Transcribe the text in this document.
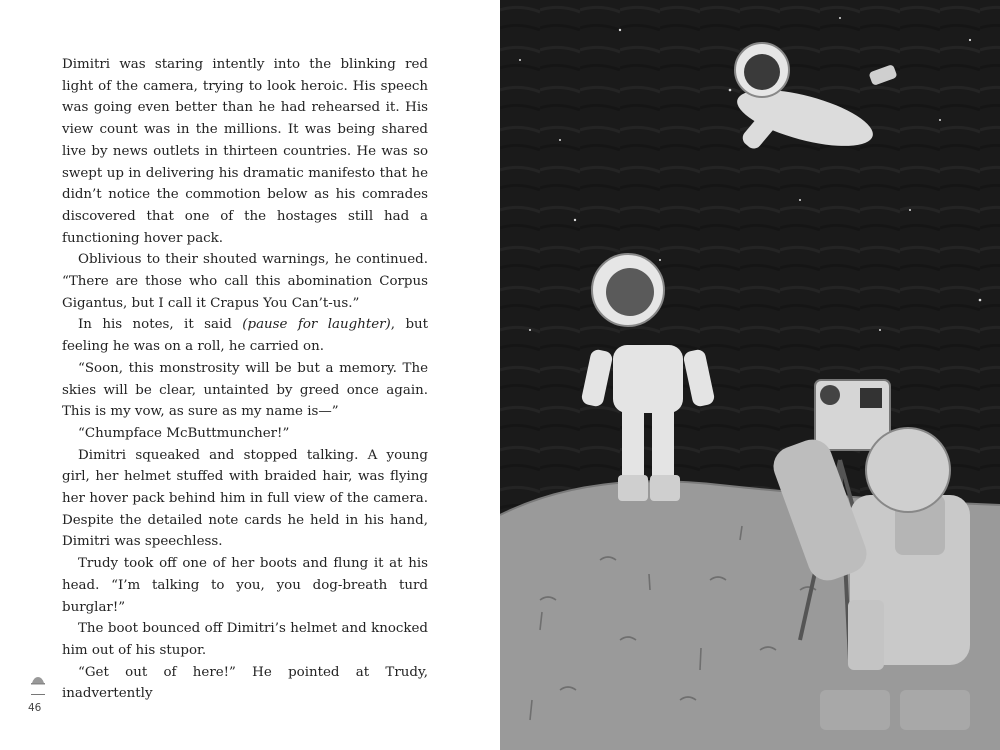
Dimitri was staring intently into the blinking red light of the camera, trying to look heroic. His speech was going even better than he had rehearsed it. His view count was in the millions. It was being shared live by news outlets in thirteen countries. He was so swept up in delivering his dramatic manifesto that he didn’t notice the commotion below as his comrades discovered that one of the hostages still had a functioning hover pack.

Oblivious to their shouted warnings, he continued. “There are those who call this abomination Corpus Gigantus, but I call it Crapus You Can’t-us.”

In his notes, it said (pause for laughter), but feeling he was on a roll, he carried on.

“Soon, this monstrosity will be but a memory. The skies will be clear, untainted by greed once again. This is my vow, as sure as my name is—”

“Chumpface McButtmuncher!”

Dimitri squeaked and stopped talking. A young girl, her helmet stuffed with braided hair, was flying her hover pack behind him in full view of the camera. Despite the detailed note cards he held in his hand, Dimitri was speechless.

Trudy took off one of her boots and flung it at his head. “I’m talking to you, you dog-breath turd burglar!”

The boot bounced off Dimitri’s helmet and knocked him out of his stupor.

“Get out of here!” He pointed at Trudy, inadvertently

46
